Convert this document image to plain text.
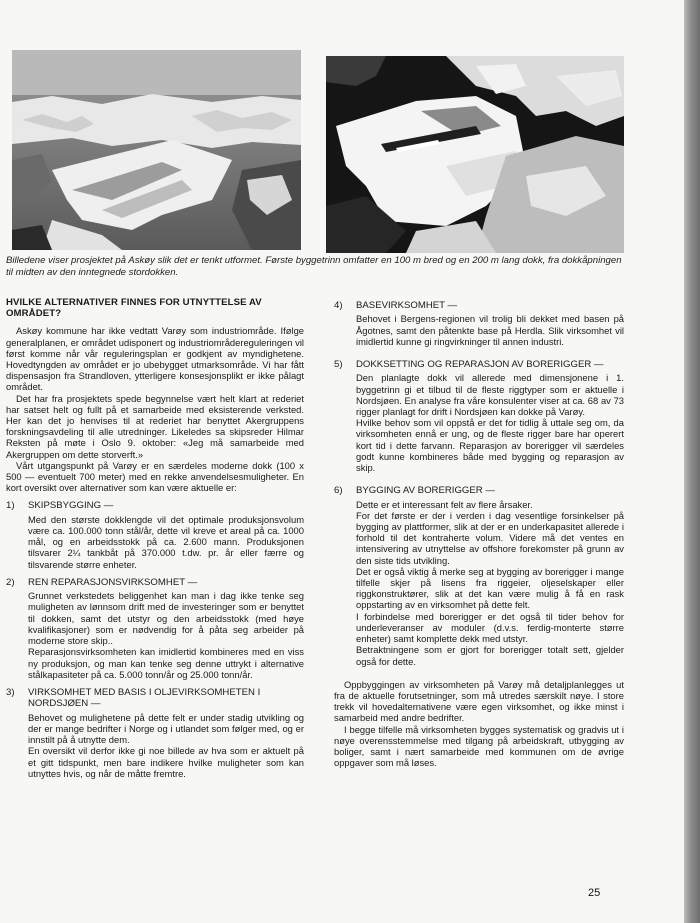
Billedene viser prosjektet på Askøy slik det er tenkt utformet. Første byggetrinn omfatter en 100 m bred og en 200 m lang dokk, fra dokkåpningen til midten av den inntegnede stordokken.
HVILKE ALTERNATIVER FINNES FOR UTNYTTELSE AV OMRÅDET?

Askøy kommune har ikke vedtatt Varøy som industriområde. Ifølge generalplanen, er området udisponert og industriområdereguleringen vil først komme når vår reguleringsplan er godkjent av myndighetene. Hovedtyngden av området er jo ubebygget utmarksområde. Vi har fått dispensasjon fra Strandloven, ytterligere konsesjonsplikt er ikke pålagt området.

Det har fra prosjektets spede begynnelse vært helt klart at rederiet har satset helt og fullt på et samarbeide med eksisterende verksted. Her kan det jo henvises til at rederiet har benyttet Akergruppens forskningsavdeling til alle utredninger. Likeledes sa skipsreder Hilmar Reksten på møte i Oslo 9. oktober: «Jeg må samarbeide med Akergruppen om dette storverft.»

Vårt utgangspunkt på Varøy er en særdeles moderne dokk (100 x 500 — eventuelt 700 meter) med en rekke anvendelsesmuligheter. En kort oversikt over alternativer som kan være aktuelle er:

1)	SKIPSBYGGING —

Med den største dokklengde vil det optimale produksjonsvolum være ca. 100.000 tonn stål/år, dette vil kreve et areal på ca. 1000 mål, og en arbeidsstokk på ca. 2.600 mann. Produksjonen tilsvarer 2¼ tankbåt på 370.000 t.dw. pr. år eller færre og tilsvarende større enheter.

2)	REN REPARASJONSVIRKSOMHET —

Grunnet verkstedets beliggenhet kan man i dag ikke tenke seg muligheten av lønnsom drift med de investeringer som er benyttet til dokken, samt det utstyr og den arbeidsstokk (med høye kvalifikasjoner) som er nødvendig for å påta seg arbeider på moderne store skip..

Reparasjonsvirksomheten kan imidlertid kombineres med en viss ny produksjon, og man kan tenke seg denne uttrykt i alternative stålkapasiteter på ca. 5.000 tonn/år og 25.000 tonn/år.

3)	VIRKSOMHET MED BASIS I OLJEVIRKSOMHETEN I NORDSJØEN —

Behovet og mulighetene på dette felt er under stadig utvikling og der er mange bedrifter i Norge og i utlandet som følger med, og er innstilt på å utnytte dem.

En oversikt vil derfor ikke gi noe billede av hva som er aktuelt på et gitt tidspunkt, men bare indikere hvilke muligheter som kan utnyttes hvis, og når de måtte fremtre.

4)	BASEVIRKSOMHET —

Behovet i Bergens-regionen vil trolig bli dekket med basen på Ågotnes, samt den påtenkte base på Herdla. Slik virksomhet vil imidlertid kunne gi ringvirkninger til annen industri.

5)	DOKKSETTING OG REPARASJON AV BORERIGGER —

Den planlagte dokk vil allerede med dimensjonene i 1. byggetrinn gi et tilbud til de fleste riggtyper som er aktuelle i Nordsjøen. En analyse fra våre konsulenter viser at ca. 68 av 73 rigger planlagt for drift i Nordsjøen kan dokke på Varøy.

Hvilke behov som vil oppstå er det for tidlig å uttale seg om, da virksomheten ennå er ung, og de fleste rigger bare har operert kort tid i dette farvann. Reparasjon av borerigger vil særdeles godt kunne kombineres både med bygging og reparasjon av skip.

6)	BYGGING AV BORERIGGER —

Dette er et interessant felt av flere årsaker.

For det første er der i verden i dag vesentlige forsinkelser på bygging av plattformer, slik at der er en underkapasitet allerede i forhold til det kontraherte volum. Videre må det ventes en intensivering av utnyttelse av offshore forekomster på grunn av den siste tids utvikling.

Det er også viktig å merke seg at bygging av borerigger i mange tilfelle skjer på lisens fra riggeier, oljeselskaper eller riggkonstruktører, slik at det kan være mulig å få en rask oppstarting av en virksomhet på dette felt.

I forbindelse med borerigger er det også til tider behov for underleveranser av moduler (d.v.s. ferdig-monterte større enheter) samt komplette dekk med utstyr.

Betraktningene som er gjort for borerigger totalt sett, gjelder også for dette.

Oppbyggingen av virksomheten på Varøy må detaljplanlegges ut fra de aktuelle forutsetninger, som må utredes særskilt nøye. I store trekk vil hovedalternativene være egen virksomhet, og ikke minst i samarbeid med andre bedrifter.

I begge tilfelle må virksomheten bygges systematisk og gradvis ut i nøye overensstemmelse med tilgang på arbeidskraft, utbygging av boliger, samt i nært samarbeide med kommunen om de øvrige oppgaver som må løses.

25
